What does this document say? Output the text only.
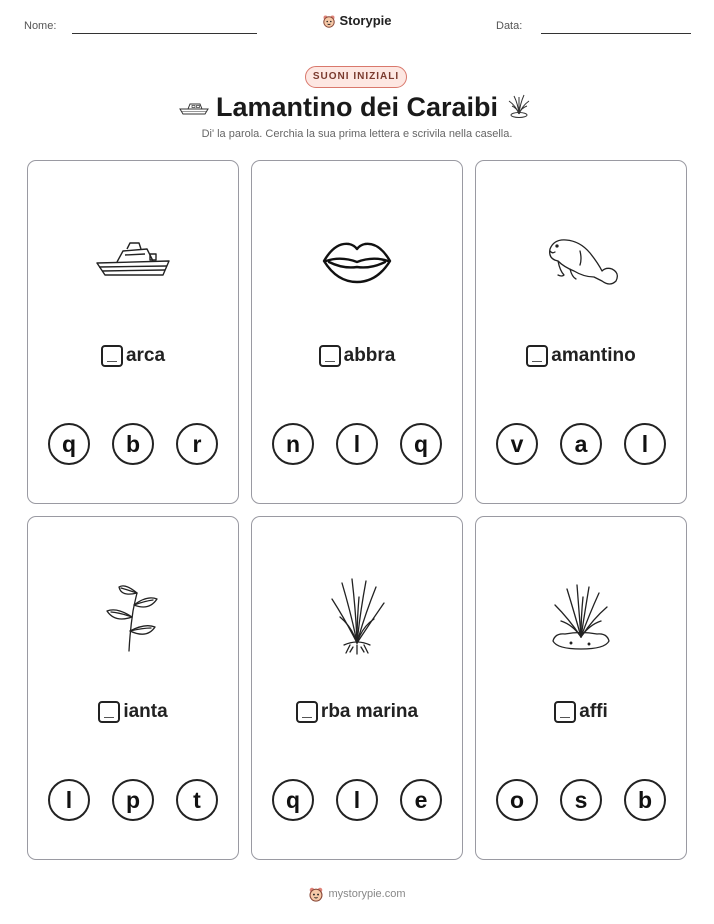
Nome:	Storypie	Data:
SUONI INIZIALI
Lamantino dei Caraibi
Di' la parola. Cerchia la sua prima lettera e scrivila nella casella.
arca
q	b	r
abbra
n	l	q
amantino
v	a	l
ianta
l	p	t
rba marina
q	l	e
affi
o	s	b
mystorypie.com
